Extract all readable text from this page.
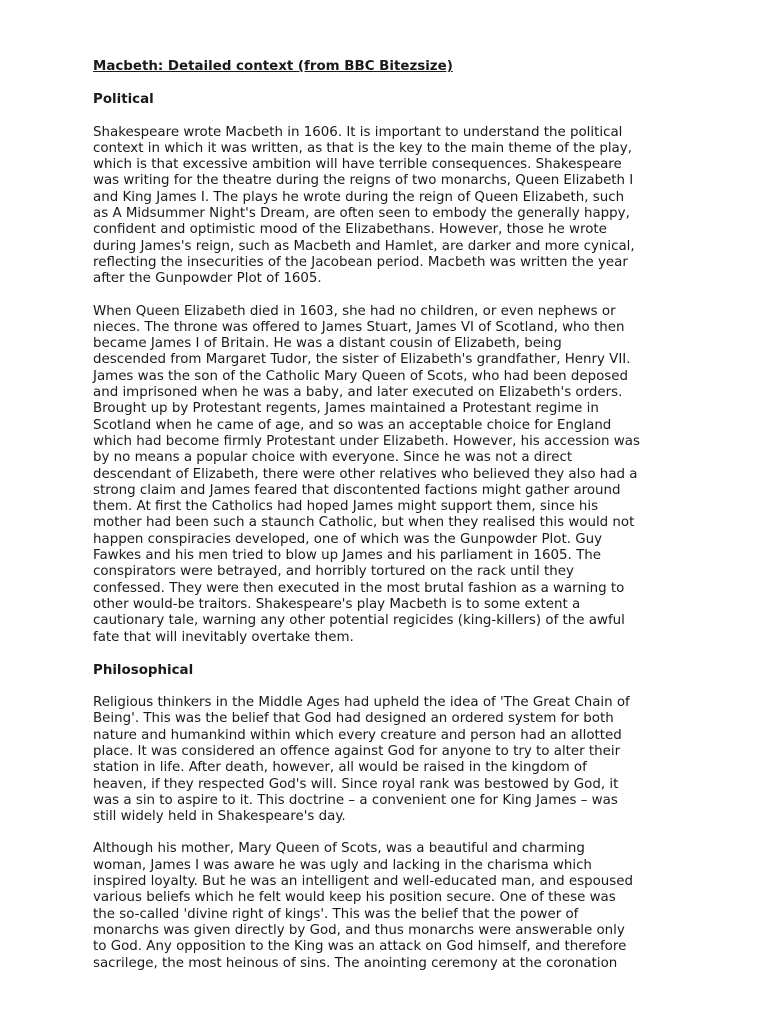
Macbeth: Detailed context (from BBC Bitezsize)
Political

Shakespeare wrote Macbeth in 1606. It is important to understand the political
context in which it was written, as that is the key to the main theme of the play,
which is that excessive ambition will have terrible consequences. Shakespeare
was writing for the theatre during the reigns of two monarchs, Queen Elizabeth I
and King James I. The plays he wrote during the reign of Queen Elizabeth, such
as A Midsummer Night's Dream, are often seen to embody the generally happy,
confident and optimistic mood of the Elizabethans. However, those he wrote
during James's reign, such as Macbeth and Hamlet, are darker and more cynical,
reflecting the insecurities of the Jacobean period. Macbeth was written the year
after the Gunpowder Plot of 1605.

When Queen Elizabeth died in 1603, she had no children, or even nephews or
nieces. The throne was offered to James Stuart, James VI of Scotland, who then
became James I of Britain. He was a distant cousin of Elizabeth, being
descended from Margaret Tudor, the sister of Elizabeth's grandfather, Henry VII.
James was the son of the Catholic Mary Queen of Scots, who had been deposed
and imprisoned when he was a baby, and later executed on Elizabeth's orders.
Brought up by Protestant regents, James maintained a Protestant regime in
Scotland when he came of age, and so was an acceptable choice for England
which had become firmly Protestant under Elizabeth. However, his accession was
by no means a popular choice with everyone. Since he was not a direct
descendant of Elizabeth, there were other relatives who believed they also had a
strong claim and James feared that discontented factions might gather around
them. At first the Catholics had hoped James might support them, since his
mother had been such a staunch Catholic, but when they realised this would not
happen conspiracies developed, one of which was the Gunpowder Plot. Guy
Fawkes and his men tried to blow up James and his parliament in 1605. The
conspirators were betrayed, and horribly tortured on the rack until they
confessed. They were then executed in the most brutal fashion as a warning to
other would-be traitors. Shakespeare's play Macbeth is to some extent a
cautionary tale, warning any other potential regicides (king-killers) of the awful
fate that will inevitably overtake them.

Philosophical

Religious thinkers in the Middle Ages had upheld the idea of 'The Great Chain of
Being'. This was the belief that God had designed an ordered system for both
nature and humankind within which every creature and person had an allotted
place. It was considered an offence against God for anyone to try to alter their
station in life. After death, however, all would be raised in the kingdom of
heaven, if they respected God's will. Since royal rank was bestowed by God, it
was a sin to aspire to it. This doctrine – a convenient one for King James – was
still widely held in Shakespeare's day.

Although his mother, Mary Queen of Scots, was a beautiful and charming
woman, James I was aware he was ugly and lacking in the charisma which
inspired loyalty. But he was an intelligent and well-educated man, and espoused
various beliefs which he felt would keep his position secure. One of these was
the so-called 'divine right of kings'. This was the belief that the power of
monarchs was given directly by God, and thus monarchs were answerable only
to God. Any opposition to the King was an attack on God himself, and therefore
sacrilege, the most heinous of sins. The anointing ceremony at the coronation
